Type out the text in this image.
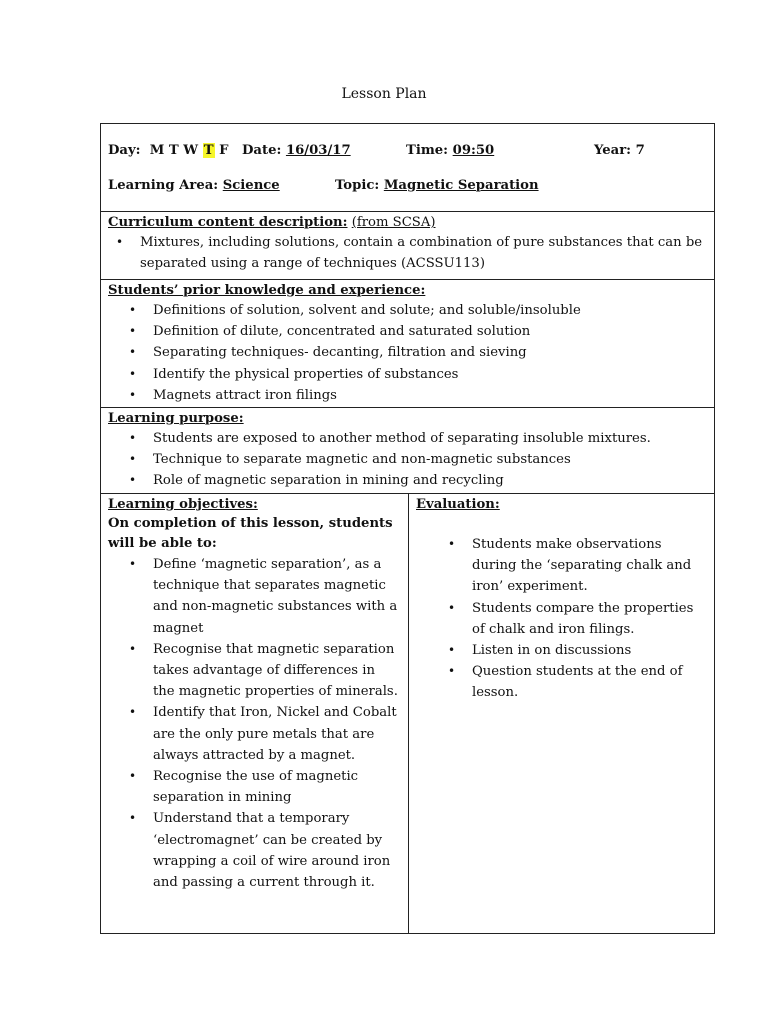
Lesson Plan
Day: M T W T F Date: 16/03/17	Time: 09:50	Year: 7
Learning Area: Science	Topic: Magnetic Separation
Curriculum content description: (from SCSA)
• Mixtures, including solutions, contain a combination of pure substances that can be separated using a range of techniques (ACSSU113)
Students’ prior knowledge and experience:
• Definitions of solution, solvent and solute; and soluble/insoluble
• Definition of dilute, concentrated and saturated solution
• Separating techniques- decanting, filtration and sieving
• Identify the physical properties of substances
• Magnets attract iron filings
Learning purpose:
• Students are exposed to another method of separating insoluble mixtures.
• Technique to separate magnetic and non-magnetic substances
• Role of magnetic separation in mining and recycling
Learning objectives:
On completion of this lesson, students will be able to:
• Define ‘magnetic separation’, as a technique that separates magnetic and non-magnetic substances with a magnet
• Recognise that magnetic separation takes advantage of differences in the magnetic properties of minerals.
• Identify that Iron, Nickel and Cobalt are the only pure metals that are always attracted by a magnet.
• Recognise the use of magnetic separation in mining
• Understand that a temporary ‘electromagnet’ can be created by wrapping a coil of wire around iron and passing a current through it.
Evaluation:
• Students make observations during the ‘separating chalk and iron’ experiment.
• Students compare the properties of chalk and iron filings.
• Listen in on discussions
• Question students at the end of lesson.
